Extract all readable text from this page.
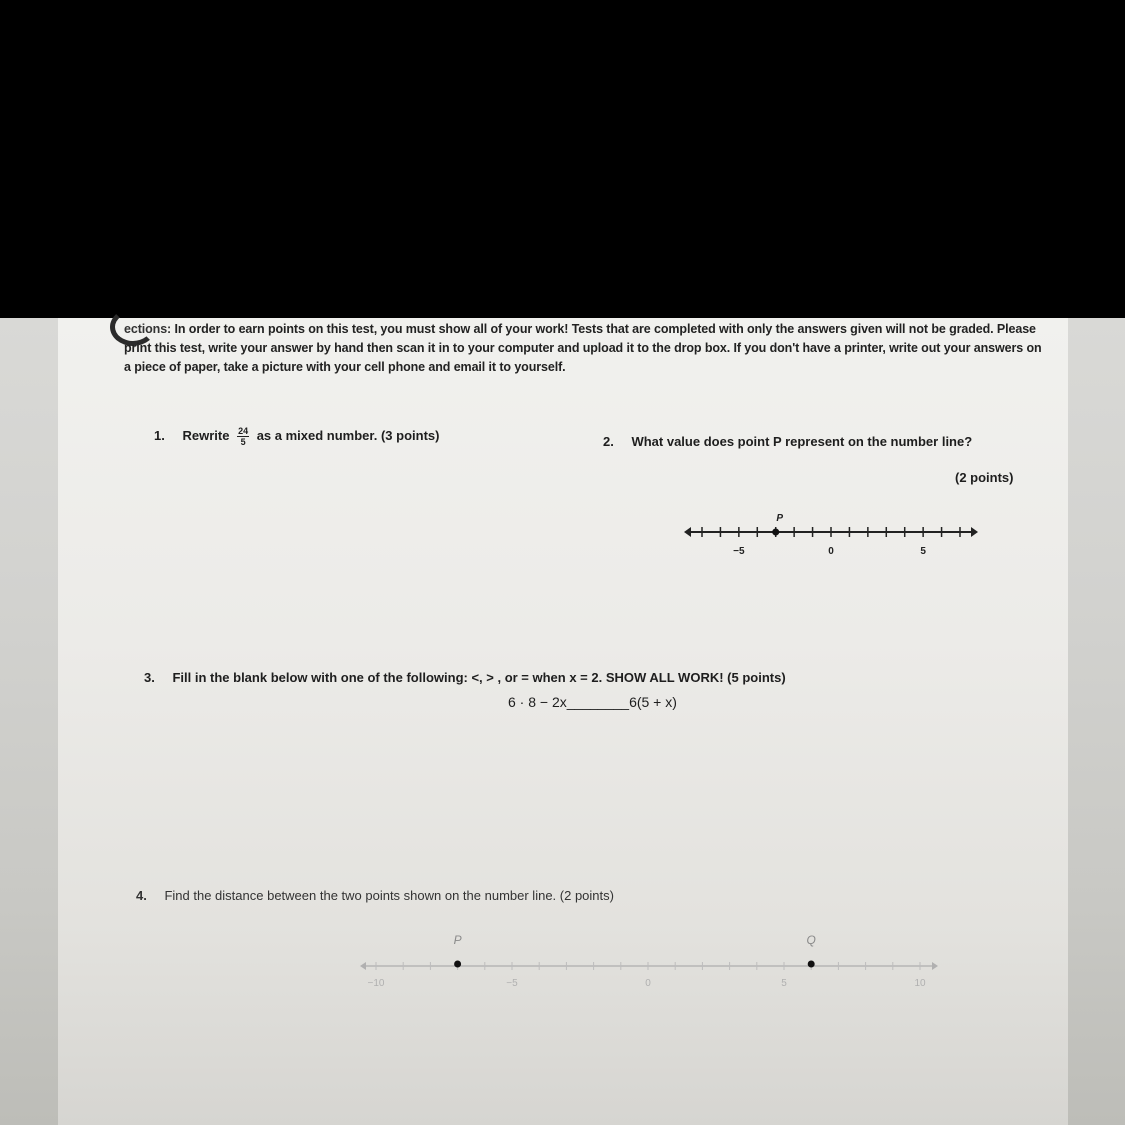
ections: In order to earn points on this test, you must show all of your work! Tests that are completed with only the answers given will not be graded. Please print this test, write your answer by hand then scan it in to your computer and upload it to the drop box. If you don't have a printer, write out your answers on a piece of paper, take a picture with your cell phone and email it to yourself.
1. Rewrite $\frac{24}{5}$ as a mixed number. (3 points)	2. What value does point P represent on the number line?
(2 points)
−5	0	5
P
3. Fill in the blank below with one of the following: <, > , or = when x = 2. SHOW ALL WORK! (5 points)
6 · 8 − 2x________6(5 + x)
4. Find the distance between the two points shown on the number line. (2 points)
−10	−5	0	5	10
P	Q
